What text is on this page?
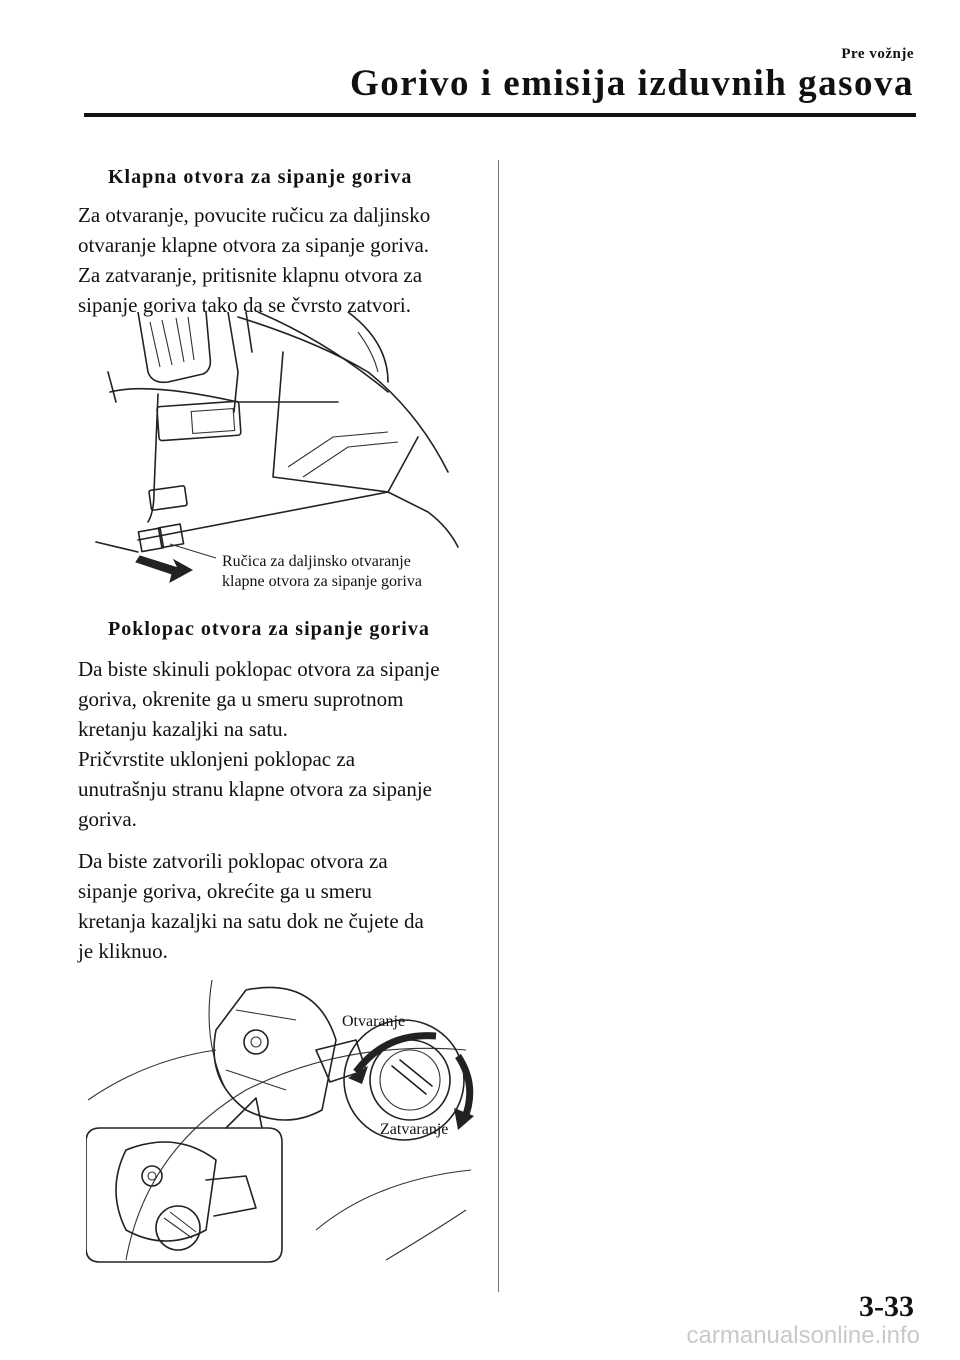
Pre vožnje
Gorivo i emisija izduvnih gasova
Klapna otvora za sipanje goriva

Za otvaranje, povucite ručicu za daljinsko

otvaranje klapne otvora za sipanje goriva.

Za zatvaranje, pritisnite klapnu otvora za

sipanje goriva tako da se čvrsto zatvori.

Ručica za daljinsko otvaranje
klapne otvora za sipanje goriva
Poklopac otvora za sipanje goriva

Da biste skinuli poklopac otvora za sipanje

goriva, okrenite ga u smeru suprotnom

kretanju kazaljki na satu.

Pričvrstite uklonjeni poklopac za

unutrašnju stranu klapne otvora za sipanje

goriva.

Da biste zatvorili poklopac otvora za

sipanje goriva, okrećite ga u smeru

kretanja kazaljki na satu dok ne čujete da

je kliknuo.

Otvaranje
Zatvaranje
3-33
carmanualsonline.info
